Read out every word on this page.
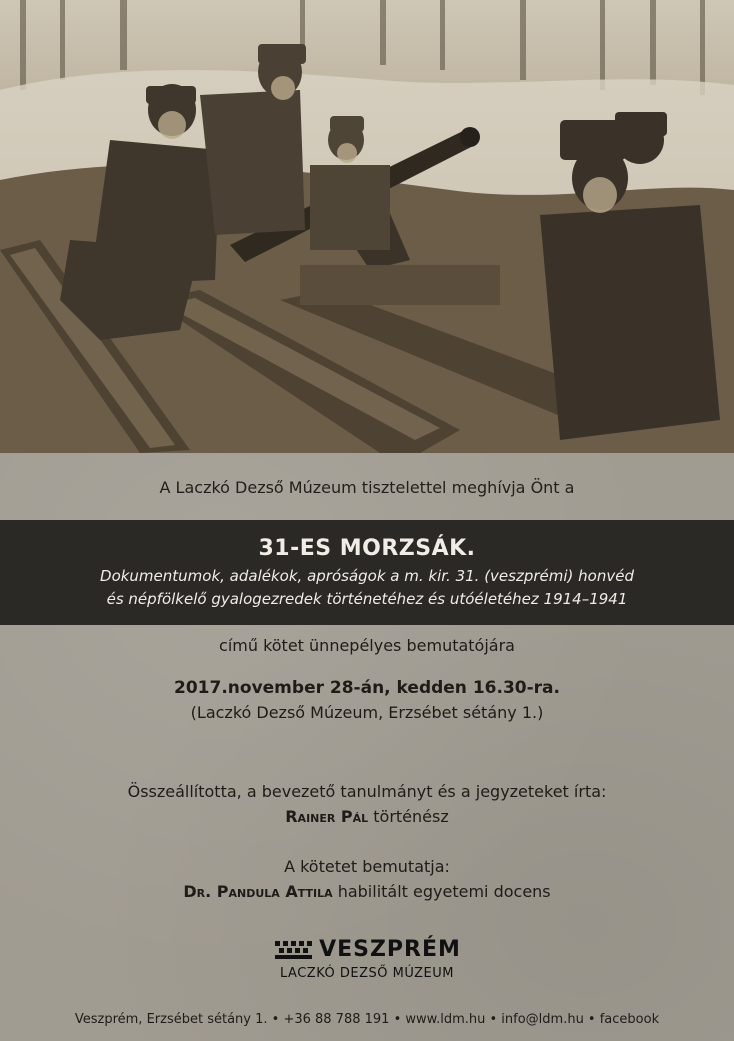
A Laczkó Dezső Múzeum tisztelettel meghívja Önt a
31-ES MORZSÁK.
Dokumentumok, adalékok, apróságok a m. kir. 31. (veszprémi) honvéd
és népfölkelő gyalogezredek történetéhez és utóéletéhez 1914–1941
című kötet ünnepélyes bemutatójára
2017.november 28-án, kedden 16.30-ra.
(Laczkó Dezső Múzeum, Erzsébet sétány 1.)
Összeállította, a bevezető tanulmányt és a jegyzeteket írta:
Rainer Pál történész
A kötetet bemutatja:
Dr. Pandula Attila habilitált egyetemi docens
VESZPRÉM
LACZKÓ DEZSŐ MÚZEUM
Veszprém, Erzsébet sétány 1. • +36 88 788 191 • www.ldm.hu • info@ldm.hu • facebook
